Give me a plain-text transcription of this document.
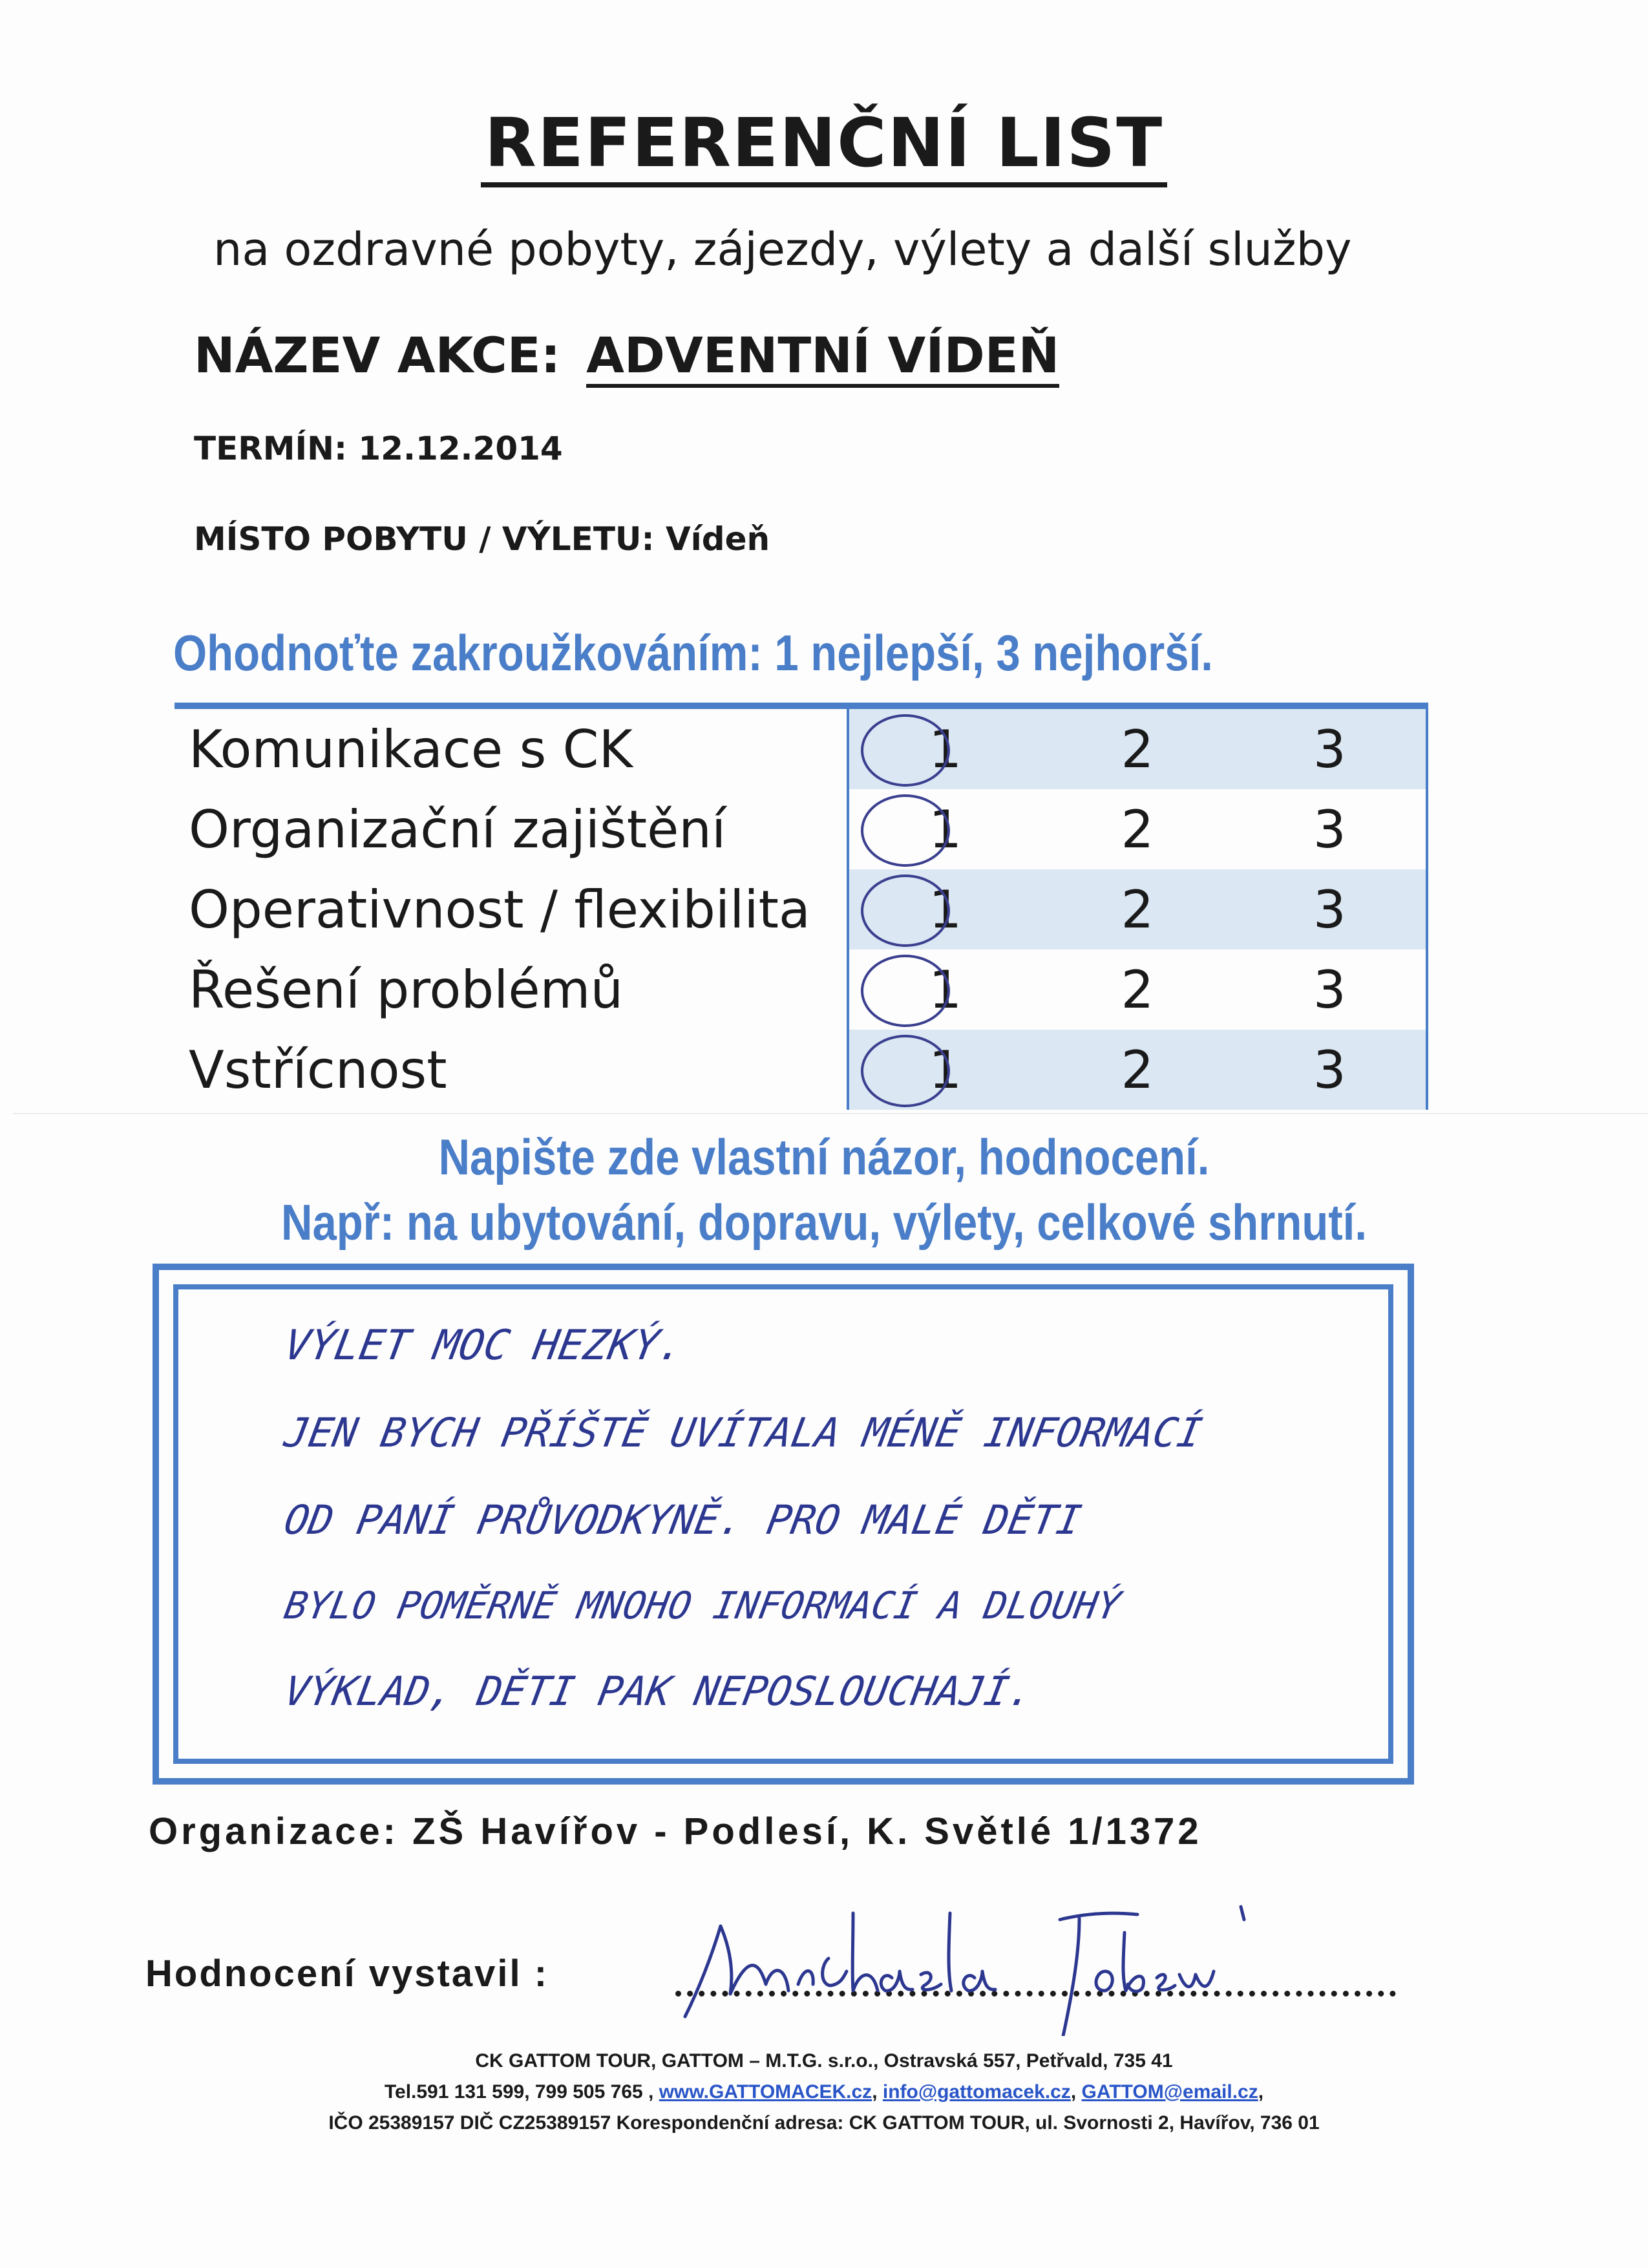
REFERENČNÍ LIST
na ozdravné pobyty, zájezdy, výlety a další služby
NÁZEV AKCE: ADVENTNÍ VÍDEŇ
TERMÍN: 12.12.2014
MÍSTO POBYTU / VÝLETU: Vídeň
Ohodnoťte zakroužkováním: 1 nejlepší, 3 nejhorší.
Komunikace s CK	1	2	3
Organizační zajištění	1	2	3
Operativnost / flexibilita	1	2	3
Řešení problémů	1	2	3
Vstřícnost	1	2	3
Napište zde vlastní názor, hodnocení.
Např: na ubytování, dopravu, výlety, celkové shrnutí.
VÝLET MOC HEZKÝ.
JEN BYCH PŘÍŠTĚ UVÍTALA MÉNĚ INFORMACÍ
OD PANÍ PRŮVODKYNĚ. PRO MALÉ DĚTI
BYLO POMĚRNĚ MNOHO INFORMACÍ A DLOUHÝ
VÝKLAD, DĚTI PAK NEPOSLOUCHAJÍ.
Organizace: ZŠ Havířov - Podlesí, K. Světlé 1/1372
Hodnocení vystavil :
CK GATTOM TOUR, GATTOM – M.T.G. s.r.o., Ostravská 557, Petřvald, 735 41
Tel.591 131 599, 799 505 765 , www.GATTOMACEK.cz, info@gattomacek.cz, GATTOM@email.cz,
IČO 25389157 DIČ CZ25389157 Korespondenční adresa: CK GATTOM TOUR, ul. Svornosti 2, Havířov, 736 01
